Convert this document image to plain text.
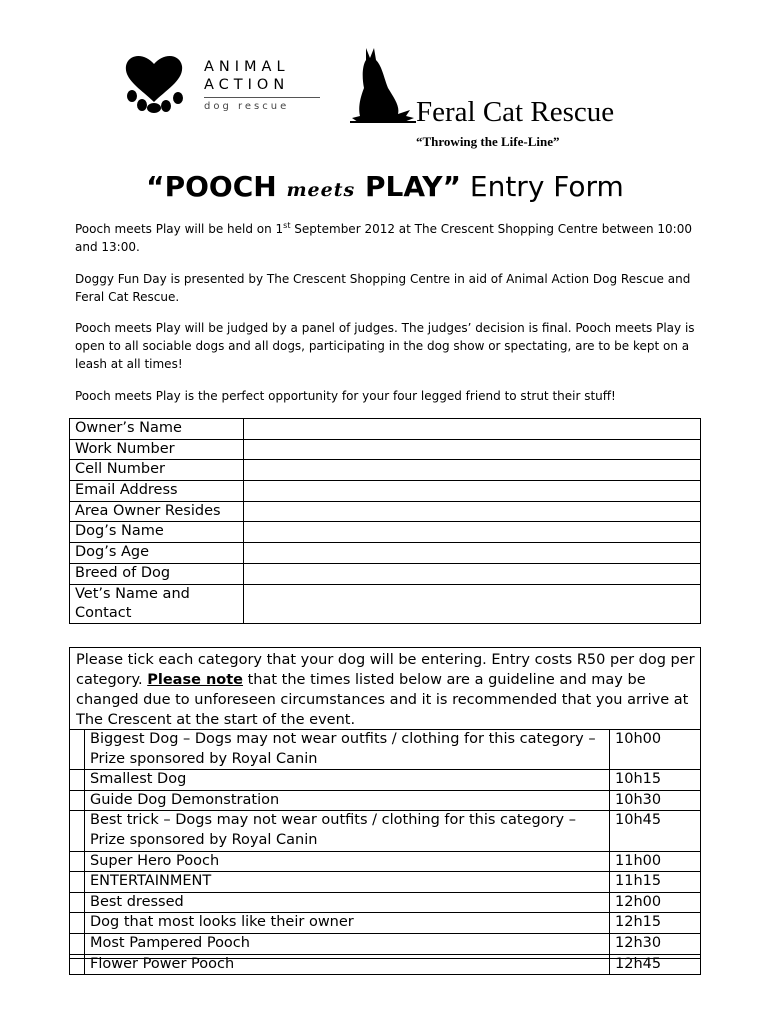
ANIMAL
ACTION
dog rescue	Feral Cat Rescue
“Throwing the Life-Line”
“POOCH meets PLAY” Entry Form
Pooch meets Play will be held on 1st September 2012 at The Crescent Shopping Centre between 10:00 and 13:00.
Doggy Fun Day is presented by The Crescent Shopping Centre in aid of Animal Action Dog Rescue and Feral Cat Rescue.
Pooch meets Play will be judged by a panel of judges. The judges’ decision is final. Pooch meets Play is open to all sociable dogs and all dogs, participating in the dog show or spectating, are to be kept on a leash at all times!
Pooch meets Play is the perfect opportunity for your four legged friend to strut their stuff!
Owner’s Name	
Work Number	
Cell Number	
Email Address	
Area Owner Resides	
Dog’s Name	
Dog’s Age	
Breed of Dog	
Vet’s Name and Contact	
Please tick each category that your dog will be entering. Entry costs R50 per dog per category. Please note that the times listed below are a guideline and may be changed due to unforeseen circumstances and it is recommended that you arrive at The Crescent at the start of the event.
	Biggest Dog – Dogs may not wear outfits / clothing for this category – Prize sponsored by Royal Canin	10h00
	Smallest Dog	10h15
	Guide Dog Demonstration	10h30
	Best trick – Dogs may not wear outfits / clothing for this category – Prize sponsored by Royal Canin	10h45
	Super Hero Pooch	11h00
	ENTERTAINMENT	11h15
	Best dressed	12h00
	Dog that most looks like their owner	12h15
	Most Pampered Pooch	12h30
	Flower Power Pooch	12h45
